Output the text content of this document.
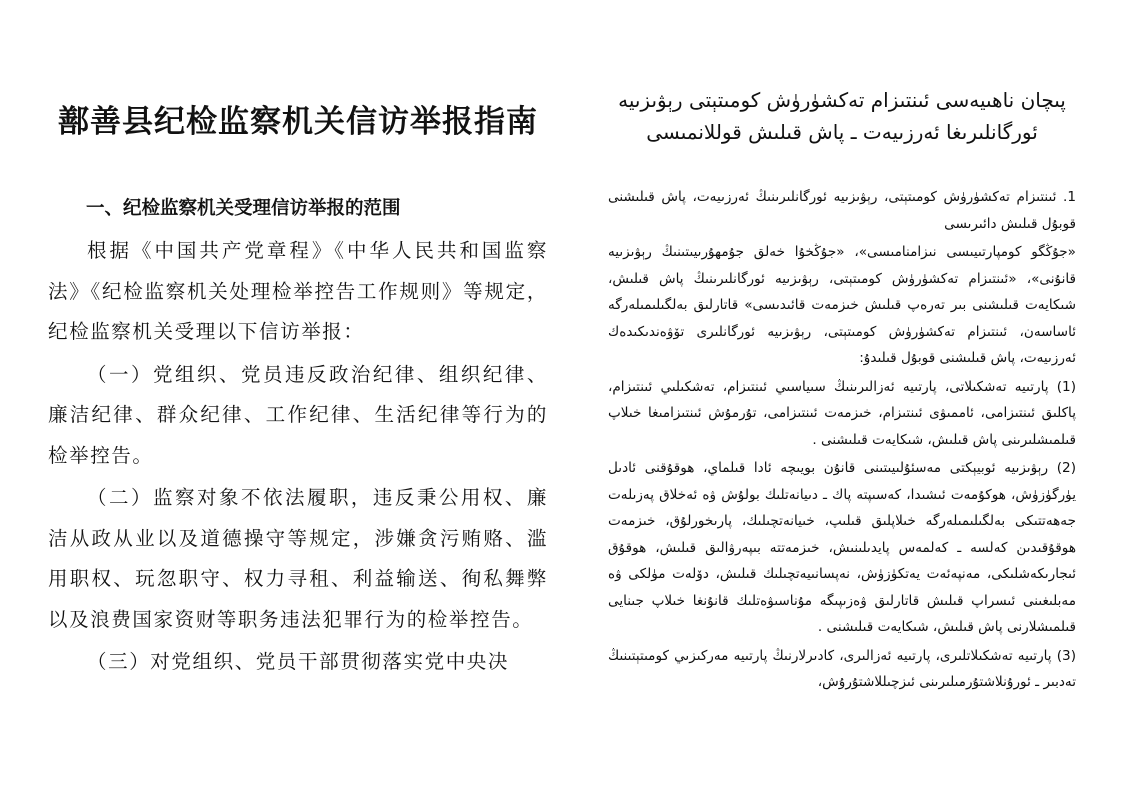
鄯善县纪检监察机关信访举报指南
一、纪检监察机关受理信访举报的范围

根据《中国共产党章程》《中华人民共和国监察法》《纪检监察机关处理检举控告工作规则》等规定，纪检监察机关受理以下信访举报：

（一）党组织、党员违反政治纪律、组织纪律、廉洁纪律、群众纪律、工作纪律、生活纪律等行为的检举控告。

（二）监察对象不依法履职，违反秉公用权、廉洁从政从业以及道德操守等规定，涉嫌贪污贿赂、滥用职权、玩忽职守、权力寻租、利益输送、徇私舞弊以及浪费国家资财等职务违法犯罪行为的检举控告。

（三）对党组织、党员干部贯彻落实党中央决

پىچان ناھىيەسى ئىنتىزام تەكشۈرۈش كومىتېتى رېۋىزىيە
ئورگانلىرىغا ئەرزىيەت ـ پاش قىلىش قوللانمىسى

1. ئىنتىزام تەكشۈرۈش كومىتېتى، رېۋىزىيە ئورگانلىرىنىڭ ئەرزىيەت، پاش قىلىشنى قوبۇل قىلىش دائىرىسى

«جۇڭگو كومپارتىيىسى نىزامنامىسى»، «جۇڭخۇا خەلق جۇمھۇرىيىتىنىڭ رېۋىزىيە قانۇنى»، «ئىنتىزام تەكشۈرۈش كومىتېتى، رېۋىزىيە ئورگانلىرىنىڭ پاش قىلىش، شىكايەت قىلىشنى بىر تەرەپ قىلىش خىزمەت قائىدىسى» قاتارلىق بەلگىلىمىلەرگە ئاساسەن، ئىنتىزام تەكشۈرۈش كومىتېتى، رېۋىزىيە ئورگانلىرى تۆۋەندىكىدەك ئەرزىيەت، پاش قىلىشنى قوبۇل قىلىدۇ:

(1) پارتىيە تەشكىلاتى، پارتىيە ئەزالىرىنىڭ سىياسىي ئىنتىزام، تەشكىلىي ئىنتىزام، پاكلىق ئىنتىزامى، ئاممىۋى ئىنتىزام، خىزمەت ئىنتىزامى، تۇرمۇش ئىنتىزامىغا خىلاپ قىلمىشلىرىنى پاش قىلىش، شىكايەت قىلىشنى .

(2) رېۋىزىيە ئوبيېكتى مەسئۇلىيىتىنى قانۇن بويىچە ئادا قىلماي، ھوقۇقنى ئادىل يۈرگۈزۈش، ھوكۇمەت ئىشىدا، كەسىپتە پاك ـ دىيانەتلىك بولۇش ۋە ئەخلاق پەزىلەت جەھەتتىكى بەلگىلىمىلەرگە خىلاپلىق قىلىپ، خىيانەتچىلىك، پارىخورلۇق، خىزمەت ھوقۇقىدىن كەلسە ـ كەلمەس پايدىلىنىش، خىزمەتتە بىپەرۋالىق قىلىش، ھوقۇق ئىجارىكەشلىكى، مەنپەئەت يەتكۈزۈش، نەپسانىيەتچىلىك قىلىش، دۆلەت مۈلكى ۋە مەبلىغىنى ئىسراپ قىلىش قاتارلىق ۋەزىپىگە مۇناسىۋەتلىك قانۇنغا خىلاپ جىنايى قىلمىشلارنى پاش قىلىش، شىكايەت قىلىشنى .

(3) پارتىيە تەشكىلاتلىرى، پارتىيە ئەزالىرى، كادىرلارنىڭ پارتىيە مەركىزىي كومىتېتىنىڭ تەدبىر ـ ئورۇنلاشتۇرمىلىرىنى ئىزچىللاشتۇرۇش،
